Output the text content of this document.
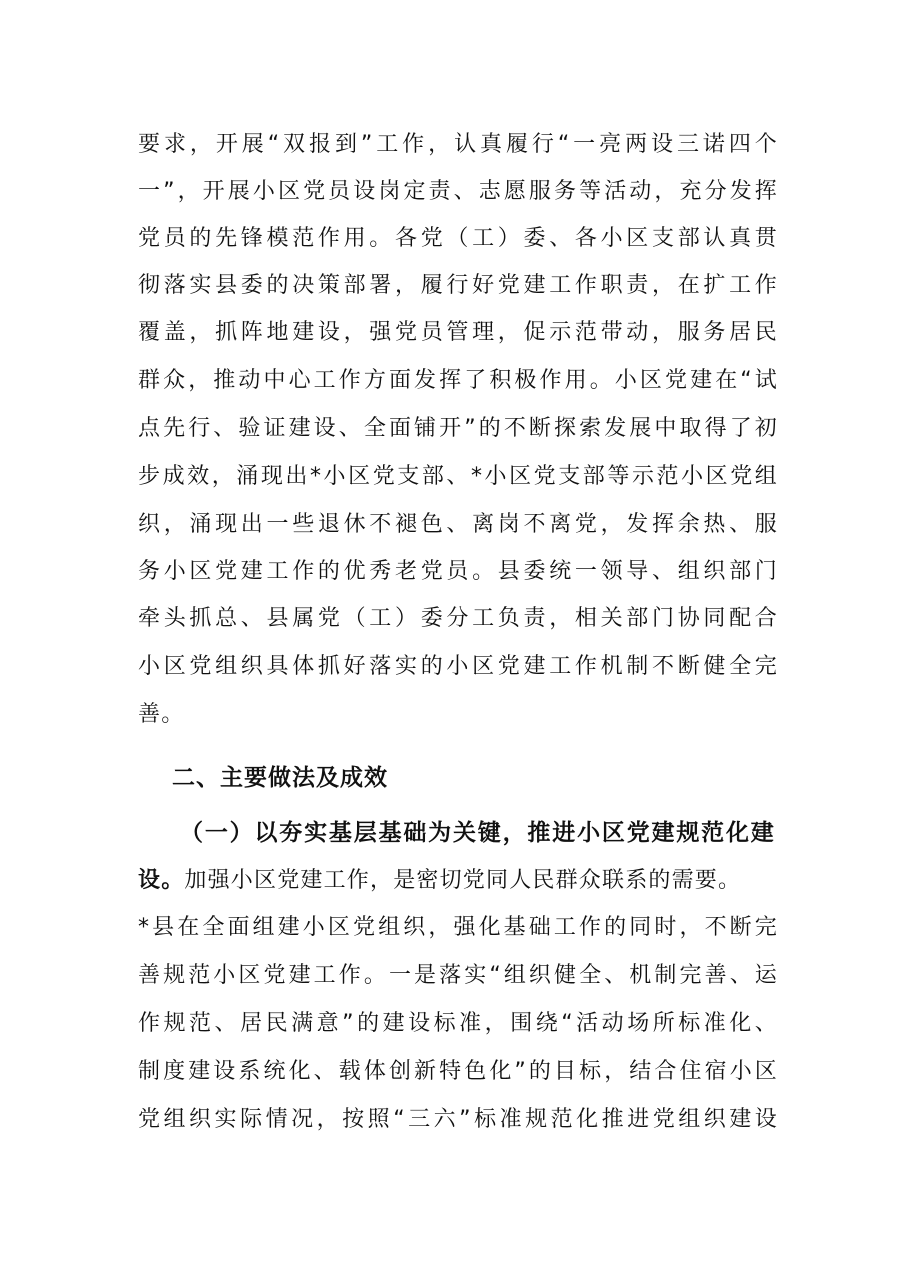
要求，开展“双报到”工作，认真履行“一亮两设三诺四个
一”，开展小区党员设岗定责、志愿服务等活动，充分发挥
党员的先锋模范作用。各党（工）委、各小区支部认真贯
彻落实县委的决策部署，履行好党建工作职责，在扩工作
覆盖，抓阵地建设，强党员管理，促示范带动，服务居民
群众，推动中心工作方面发挥了积极作用。小区党建在“试
点先行、验证建设、全面铺开”的不断探索发展中取得了初
步成效，涌现出*小区党支部、*小区党支部等示范小区党组
织，涌现出一些退休不褪色、离岗不离党，发挥余热、服
务小区党建工作的优秀老党员。县委统一领导、组织部门
牵头抓总、县属党（工）委分工负责，相关部门协同配合
小区党组织具体抓好落实的小区党建工作机制不断健全完
善。
二、主要做法及成效
（一）以夯实基层基础为关键，推进小区党建规范化建
设。加强小区党建工作，是密切党同人民群众联系的需要。
*县在全面组建小区党组织，强化基础工作的同时，不断完
善规范小区党建工作。一是落实“组织健全、机制完善、运
作规范、居民满意”的建设标准，围绕“活动场所标准化、
制度建设系统化、载体创新特色化”的目标，结合住宿小区
党组织实际情况，按照“三六”标准规范化推进党组织建设
